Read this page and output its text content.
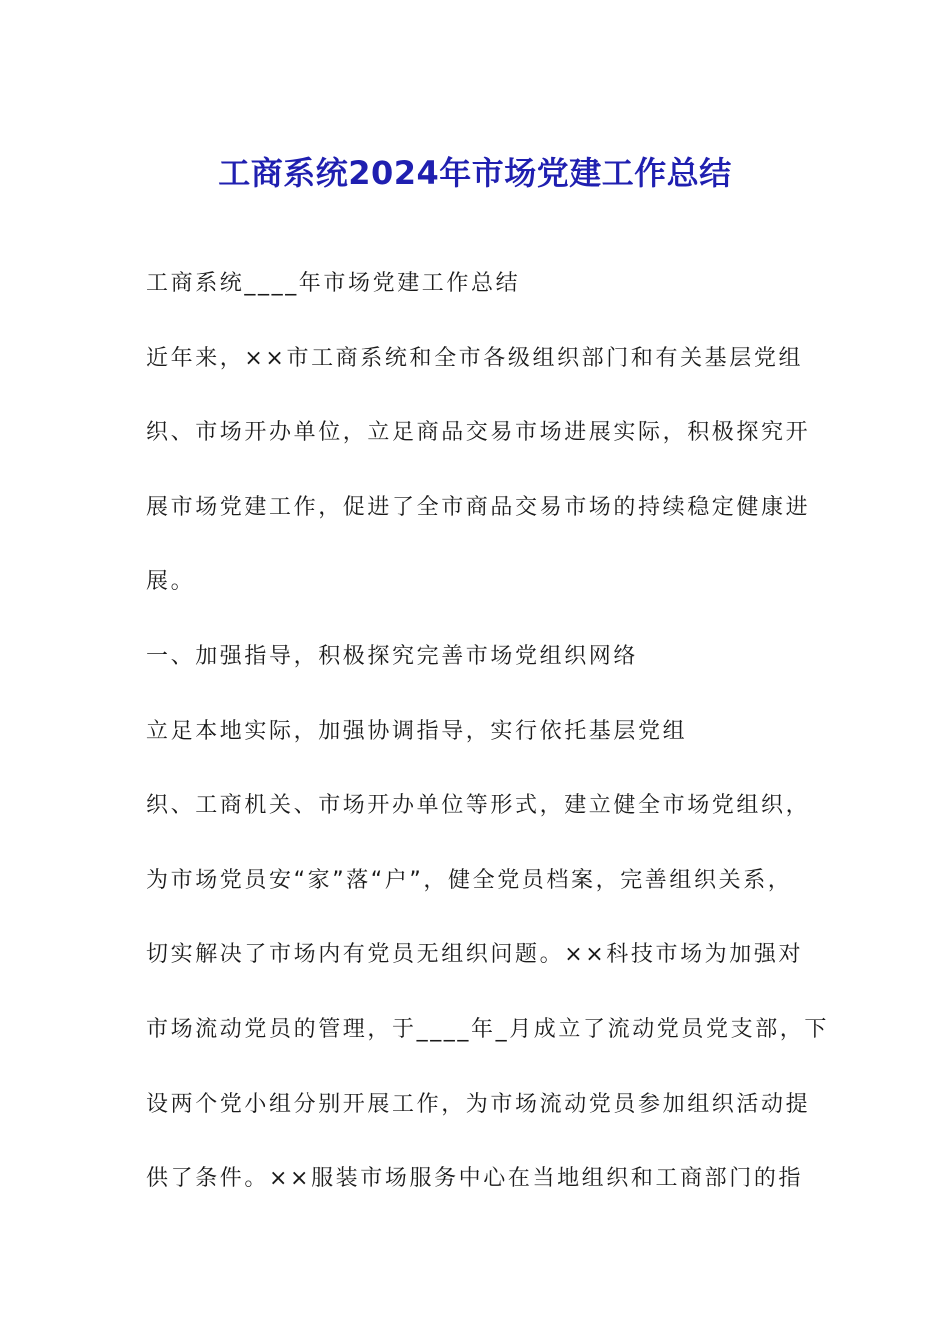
工商系统2024年市场党建工作总结
工商系统____年市场党建工作总结
近年来，××市工商系统和全市各级组织部门和有关基层党组
织、市场开办单位，立足商品交易市场进展实际，积极探究开
展市场党建工作，促进了全市商品交易市场的持续稳定健康进
展。
一、加强指导，积极探究完善市场党组织网络
立足本地实际，加强协调指导，实行依托基层党组
织、工商机关、市场开办单位等形式，建立健全市场党组织，
为市场党员安“家”落“户”，健全党员档案，完善组织关系，
切实解决了市场内有党员无组织问题。××科技市场为加强对
市场流动党员的管理，于____年_月成立了流动党员党支部，下
设两个党小组分别开展工作，为市场流动党员参加组织活动提
供了条件。××服装市场服务中心在当地组织和工商部门的指
